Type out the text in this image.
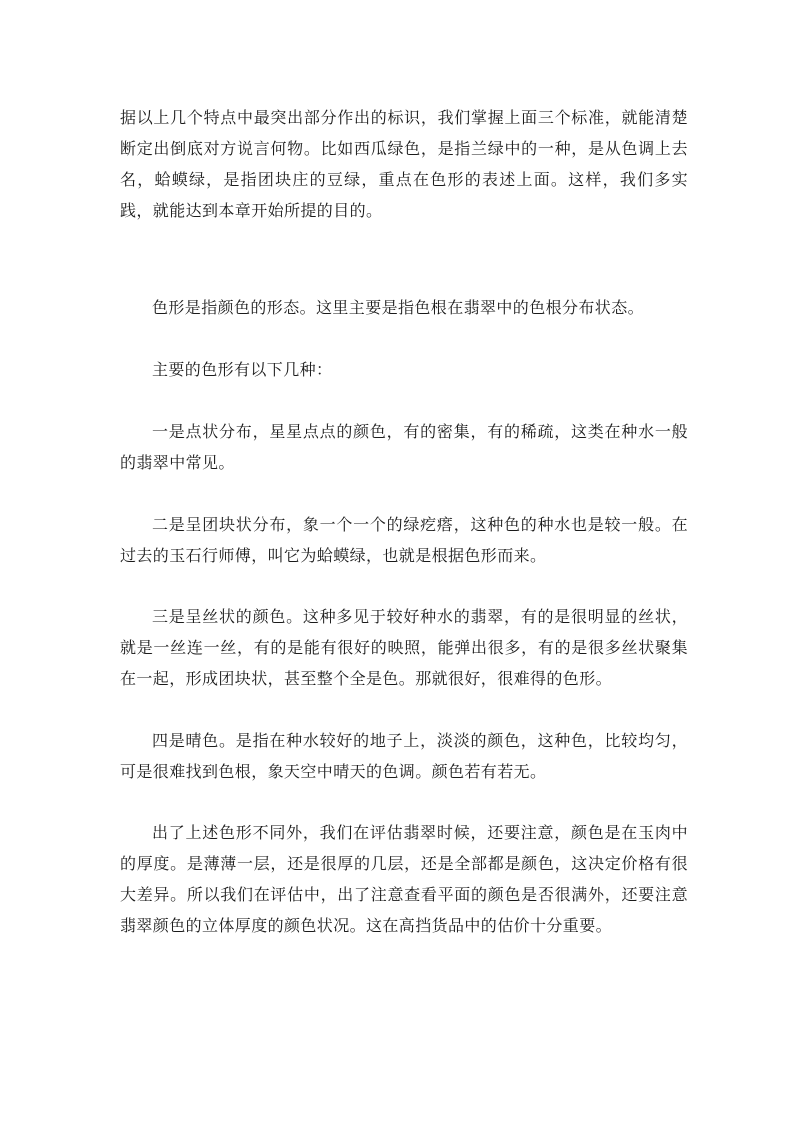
据以上几个特点中最突出部分作出的标识，我们掌握上面三个标准，就能清楚断定出倒底对方说言何物。比如西瓜绿色，是指兰绿中的一种，是从色调上去名，蛤蟆绿，是指团块庄的豆绿，重点在色形的表述上面。这样，我们多实践，就能达到本章开始所提的目的。

色形是指颜色的形态。这里主要是指色根在翡翠中的色根分布状态。

主要的色形有以下几种：

一是点状分布，星星点点的颜色，有的密集，有的稀疏，这类在种水一般的翡翠中常见。

二是呈团块状分布，象一个一个的绿疙瘩，这种色的种水也是较一般。在过去的玉石行师傅，叫它为蛤蟆绿，也就是根据色形而来。

三是呈丝状的颜色。这种多见于较好种水的翡翠，有的是很明显的丝状，就是一丝连一丝，有的是能有很好的映照，能弹出很多，有的是很多丝状聚集在一起，形成团块状，甚至整个全是色。那就很好，很难得的色形。

四是晴色。是指在种水较好的地子上，淡淡的颜色，这种色，比较均匀，可是很难找到色根，象天空中晴天的色调。颜色若有若无。

出了上述色形不同外，我们在评估翡翠时候，还要注意，颜色是在玉肉中的厚度。是薄薄一层，还是很厚的几层，还是全部都是颜色，这决定价格有很大差异。所以我们在评估中，出了注意查看平面的颜色是否很满外，还要注意翡翠颜色的立体厚度的颜色状况。这在高挡货品中的估价十分重要。
